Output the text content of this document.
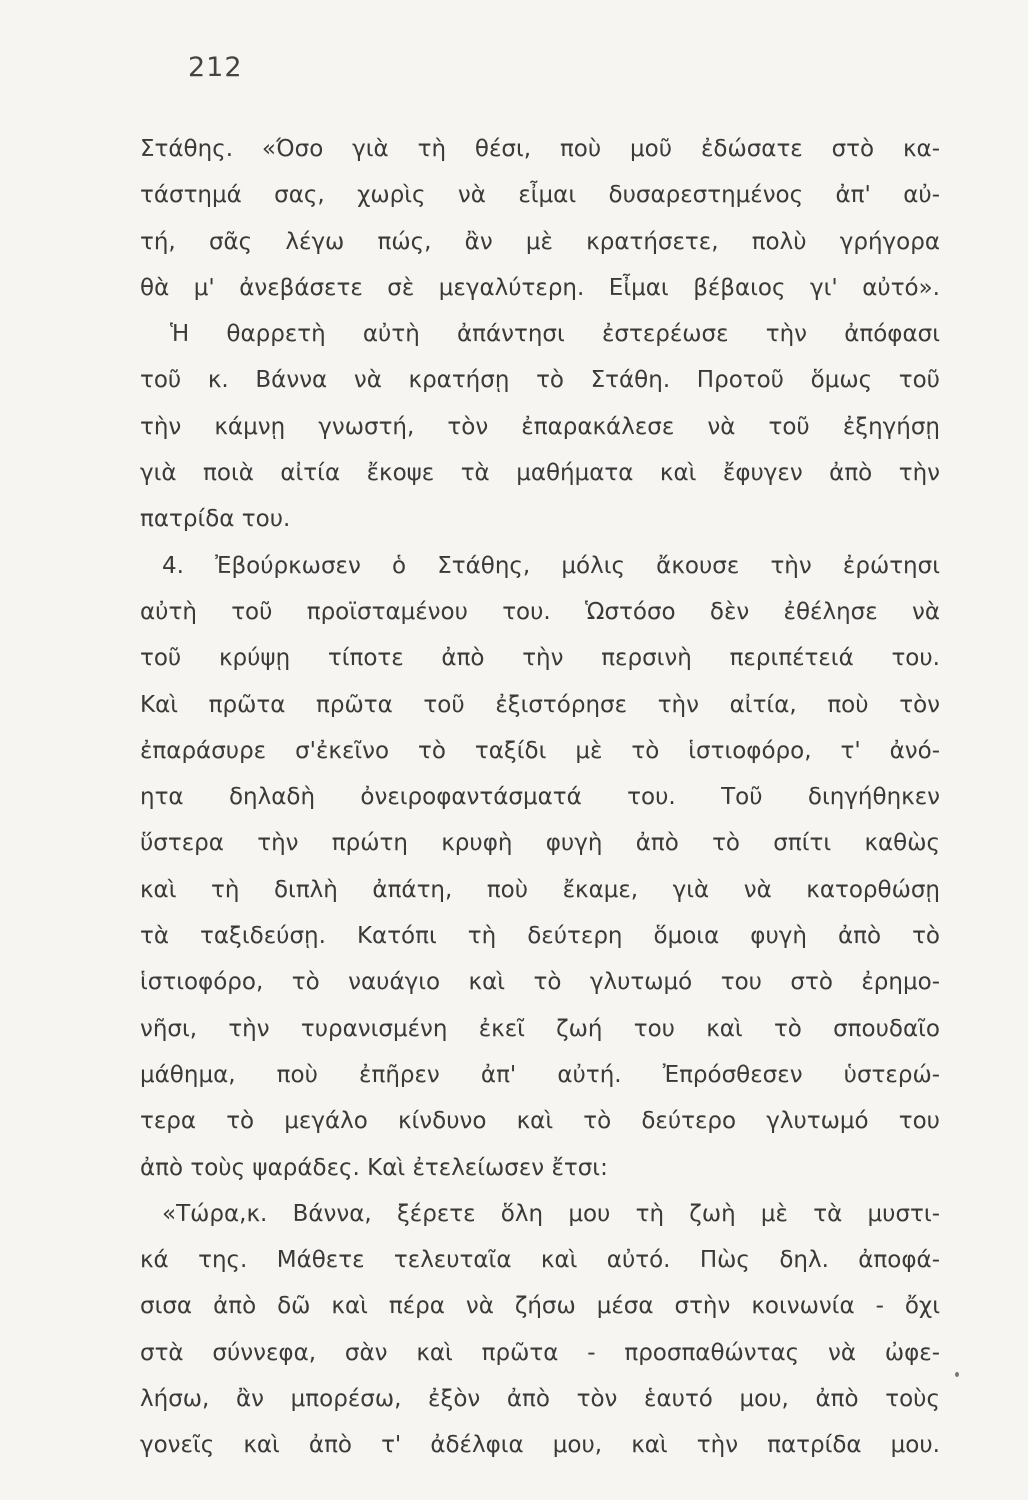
212
Στάθης. «Όσο γιὰ τὴ θέσι, ποὺ μοῦ ἐδώσατε στὸ κα-
τάστημά σας, χωρὶς νὰ εἶμαι δυσαρεστημένος ἀπ' αὐ-
τή, σᾶς λέγω πώς, ἂν μὲ κρατήσετε, πολὺ γρήγορα
θὰ μ' ἀνεβάσετε σὲ μεγαλύτερη. Εἶμαι βέβαιος γι' αὐτό».
Ἡ θαρρετὴ αὐτὴ ἀπάντησι ἐστερέωσε τὴν ἀπόφασι
τοῦ κ. Βάννα νὰ κρατήσῃ τὸ Στάθη. Προτοῦ ὅμως τοῦ
τὴν κάμνῃ γνωστή, τὸν ἐπαρακάλεσε νὰ τοῦ ἐξηγήσῃ
γιὰ ποιὰ αἰτία ἔκοψε τὰ μαθήματα καὶ ἔφυγεν ἀπὸ τὴν
πατρίδα του.
4. Ἐβούρκωσεν ὁ Στάθης, μόλις ἄκουσε τὴν ἐρώτησι
αὐτὴ τοῦ προϊσταμένου του. Ὡστόσο δὲν ἐθέλησε νὰ
τοῦ κρύψῃ τίποτε ἀπὸ τὴν περσινὴ περιπέτειά του.
Καὶ πρῶτα πρῶτα τοῦ ἐξιστόρησε τὴν αἰτία, ποὺ τὸν
ἐπαράσυρε σ'ἐκεῖνο τὸ ταξίδι μὲ τὸ ἱστιοφόρο, τ' ἀνό-
ητα δηλαδὴ ὀνειροφαντάσματά του. Τοῦ διηγήθηκεν
ὕστερα τὴν πρώτη κρυφὴ φυγὴ ἀπὸ τὸ σπίτι καθὼς
καὶ τὴ διπλὴ ἀπάτη, ποὺ ἔκαμε, γιὰ νὰ κατορθώσῃ
τὰ ταξιδεύσῃ. Κατόπι τὴ δεύτερη ὅμοια φυγὴ ἀπὸ τὸ
ἱστιοφόρο, τὸ ναυάγιο καὶ τὸ γλυτωμό του στὸ ἐρημο-
νῆσι, τὴν τυρανισμένη ἐκεῖ ζωή του καὶ τὸ σπουδαῖο
μάθημα, ποὺ ἐπῆρεν ἀπ' αὐτή. Ἐπρόσθεσεν ὑστερώ-
τερα τὸ μεγάλο κίνδυνο καὶ τὸ δεύτερο γλυτωμό του
ἀπὸ τοὺς ψαράδες. Καὶ ἐτελείωσεν ἔτσι:
«Τώρα,κ. Βάννα, ξέρετε ὅλη μου τὴ ζωὴ μὲ τὰ μυστι-
κά της. Μάθετε τελευταῖα καὶ αὐτό. Πὼς δηλ. ἀποφά-
σισα ἀπὸ δῶ καὶ πέρα νὰ ζήσω μέσα στὴν κοινωνία - ὄχι
στὰ σύννεφα, σὰν καὶ πρῶτα - προσπαθώντας νὰ ὠφε-
λήσω, ἂν μπορέσω, ἐξὸν ἀπὸ τὸν ἑαυτό μου, ἀπὸ τοὺς
γονεῖς καὶ ἀπὸ τ' ἀδέλφια μου, καὶ τὴν πατρίδα μου.
